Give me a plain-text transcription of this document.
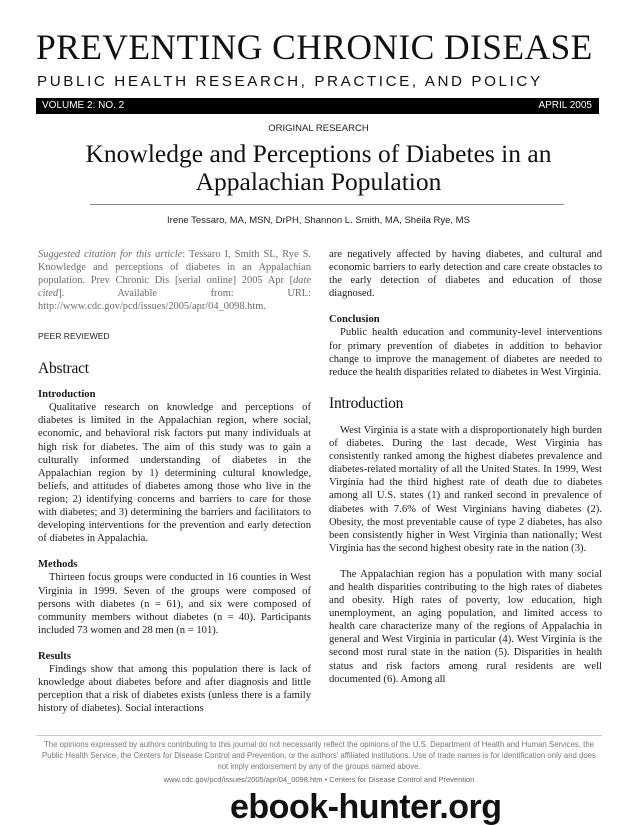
PREVENTING CHRONIC DISEASE
PUBLIC HEALTH RESEARCH, PRACTICE, AND POLICY
VOLUME 2: NO. 2	APRIL 2005
ORIGINAL RESEARCH
Knowledge and Perceptions of Diabetes in an Appalachian Population
Irene Tessaro, MA, MSN, DrPH, Shannon L. Smith, MA, Sheila Rye, MS

Suggested citation for this article: Tessaro I, Smith SL, Rye S. Knowledge and perceptions of diabetes in an Appalachian population. Prev Chronic Dis [serial online] 2005 Apr [date cited]. Available from: URL: http://www.cdc.gov/pcd/issues/2005/apr/04_0098.htm.

PEER REVIEWED
Abstract
Introduction

Qualitative research on knowledge and perceptions of diabetes is limited in the Appalachian region, where social, economic, and behavioral risk factors put many individuals at high risk for diabetes. The aim of this study was to gain a culturally informed understanding of diabetes in the Appalachian region by 1) determining cultural knowledge, beliefs, and attitudes of diabetes among those who live in the region; 2) identifying concerns and barriers to care for those with diabetes; and 3) determining the barriers and facilitators to developing interventions for the prevention and early detection of diabetes in Appalachia.

Methods

Thirteen focus groups were conducted in 16 counties in West Virginia in 1999. Seven of the groups were composed of persons with diabetes (n = 61), and six were composed of community members without diabetes (n = 40). Participants included 73 women and 28 men (n = 101).

Results

Findings show that among this population there is lack of knowledge about diabetes before and after diagnosis and little perception that a risk of diabetes exists (unless there is a family history of diabetes). Social interactions

are negatively affected by having diabetes, and cultural and economic barriers to early detection and care create obstacles to the early detection of diabetes and education of those diagnosed.

Conclusion

Public health education and community-level interventions for primary prevention of diabetes in addition to behavior change to improve the management of diabetes are needed to reduce the health disparities related to diabetes in West Virginia.

Introduction

West Virginia is a state with a disproportionately high burden of diabetes. During the last decade, West Virginia has consistently ranked among the highest diabetes prevalence and diabetes-related mortality of all the United States. In 1999, West Virginia had the third highest rate of death due to diabetes among all U.S. states (1) and ranked second in prevalence of diabetes with 7.6% of West Virginians having diabetes (2). Obesity, the most preventable cause of type 2 diabetes, has also been consistently higher in West Virginia than nationally; West Virginia has the second highest obesity rate in the nation (3).

The Appalachian region has a population with many social and health disparities contributing to the high rates of diabetes and obesity. High rates of poverty, low education, high unemployment, an aging population, and limited access to health care characterize many of the regions of Appalachia in general and West Virginia in particular (4). West Virginia is the second most rural state in the nation (5). Disparities in health status and risk factors among rural residents are well documented (6). Among all

The opinions expressed by authors contributing to this journal do not necessarily reflect the opinions of the U.S. Department of Health and Human Services, the Public Health Service, the Centers for Disease Control and Prevention, or the authors' affiliated institutions. Use of trade names is for identification only and does not imply endorsement by any of the groups named above.
www.cdc.gov/pcd/issues/2005/apr/04_0098.htm • Centers for Disease Control and Prevention
ebook-hunter.org
